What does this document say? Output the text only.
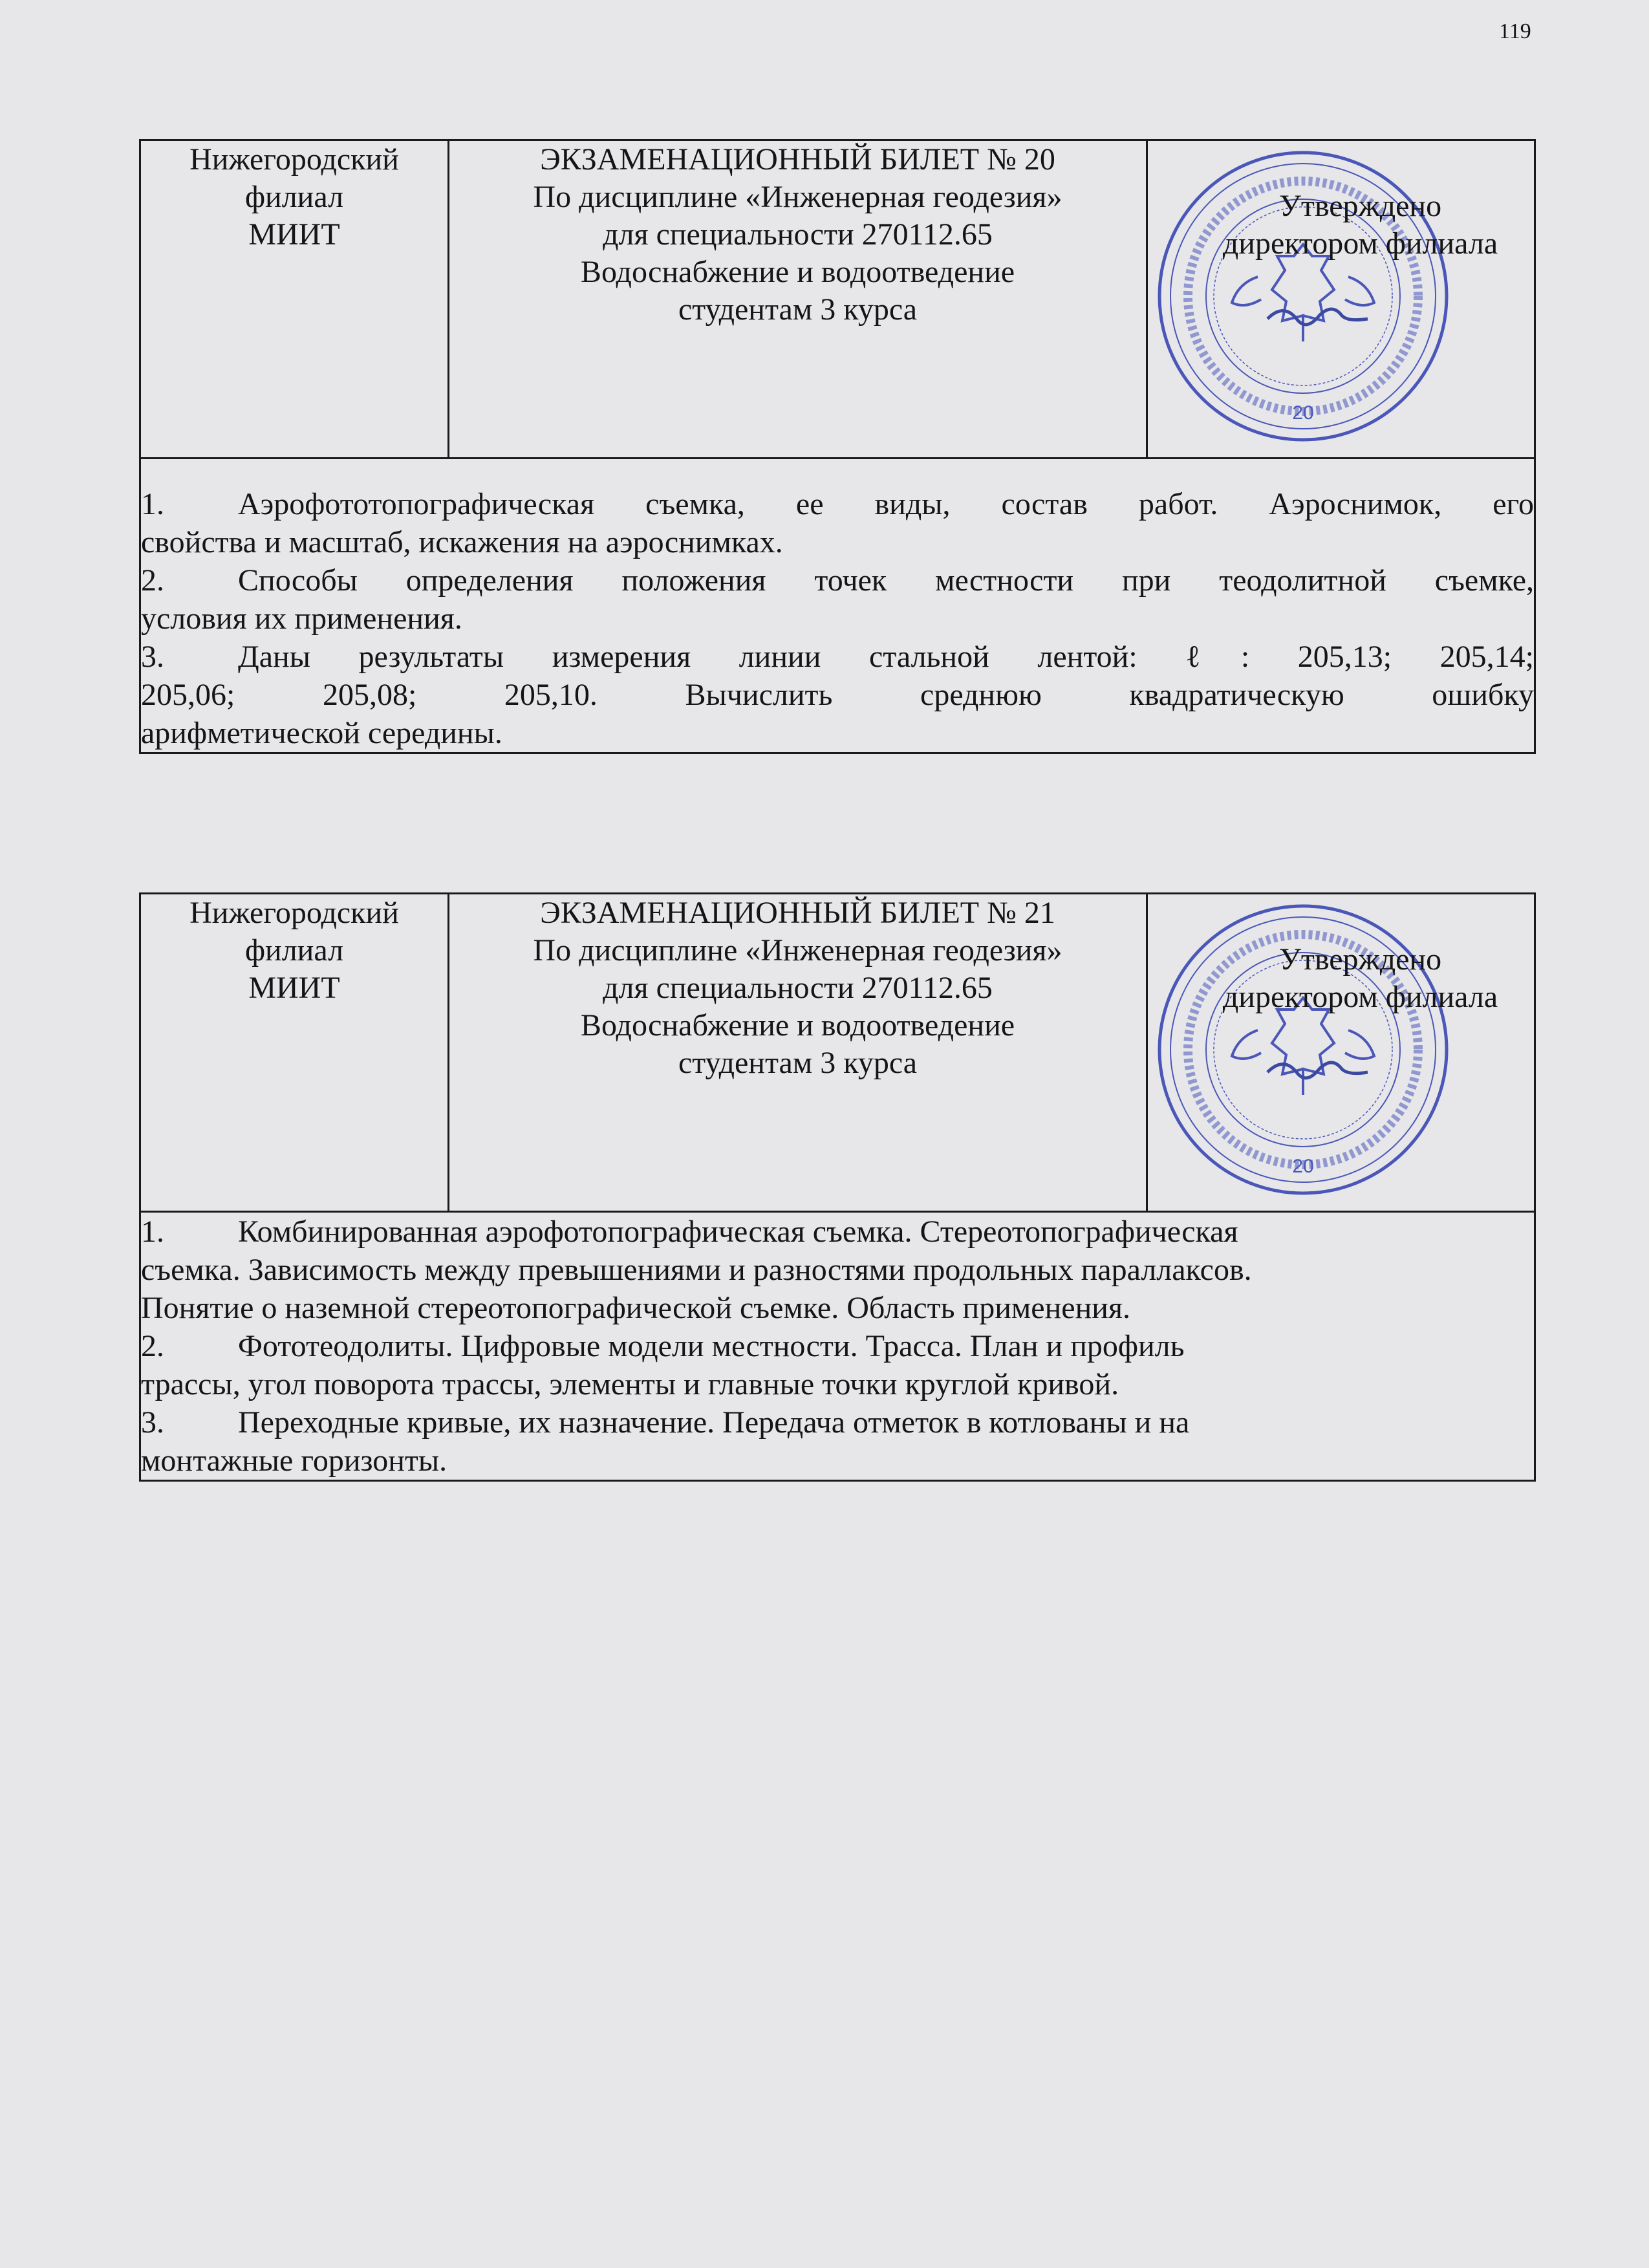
119
Нижегородский
филиал
МИИТ

ЭКЗАМЕНАЦИОННЫЙ БИЛЕТ № 20
По дисциплине «Инженерная геодезия»
для специальности 270112.65
Водоснабжение и водоотведение
студентам 3 курса

20
Утверждено
директором филиала

1.	Аэрофототопографическая съемка, ее виды, состав работ. Аэроснимок, его
свойства и масштаб, искажения на аэроснимках.
2.	Способы определения положения точек местности при теодолитной съемке,
условия их применения.
3.	Даны результаты измерения линии стальной лентой: ℓ: 205,13; 205,14;
205,06; 205,08; 205,10. Вычислить среднюю квадратическую ошибку
арифметической середины.
Нижегородский
филиал
МИИТ

ЭКЗАМЕНАЦИОННЫЙ БИЛЕТ № 21
По дисциплине «Инженерная геодезия»
для специальности 270112.65
Водоснабжение и водоотведение
студентам 3 курса

20
Утверждено
директором филиала

1.	Комбинированная аэрофотопографическая съемка. Стереотопографическая
съемка. Зависимость между превышениями и разностями продольных параллаксов.
Понятие о наземной стереотопографической съемке. Область применения.
2.	Фототеодолиты. Цифровые модели местности. Трасса. План и профиль
трассы, угол поворота трассы, элементы и главные точки круглой кривой.
3.	Переходные кривые, их назначение. Передача отметок в котлованы и на
монтажные горизонты.
